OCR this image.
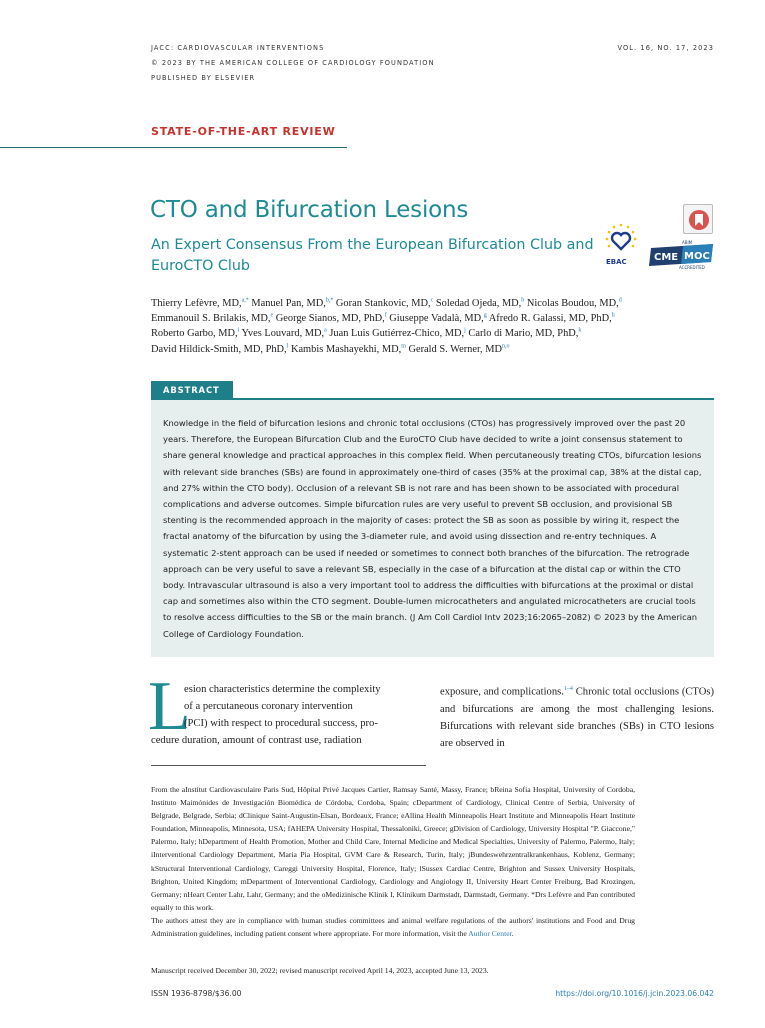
JACC: CARDIOVASCULAR INTERVENTIONS
© 2023 BY THE AMERICAN COLLEGE OF CARDIOLOGY FOUNDATION
PUBLISHED BY ELSEVIER
VOL. 16, NO. 17, 2023
STATE-OF-THE-ART REVIEW
CTO and Bifurcation Lesions
An Expert Consensus From the European Bifurcation Club and EuroCTO Club	EBAC	CME MOC
ABIM
ACCREDITED
Thierry Lefèvre, MD,$^{a,*}$ Manuel Pan, MD,$^{b,*}$ Goran Stankovic, MD,$^c$ Soledad Ojeda, MD,$^b$ Nicolas Boudou, MD,$^d$
Emmanouil S. Brilakis, MD,$^e$ George Sianos, MD, PhD,$^f$ Giuseppe Vadalà, MD,$^g$ Afredo R. Galassi, MD, PhD,$^h$
Roberto Garbo, MD,$^i$ Yves Louvard, MD,$^a$ Juan Luis Gutiérrez-Chico, MD,$^j$ Carlo di Mario, MD, PhD,$^k$
David Hildick-Smith, MD, PhD,$^l$ Kambis Mashayekhi, MD,$^m$ Gerald S. Werner, MD$^{n,o}$
ABSTRACT
Knowledge in the field of bifurcation lesions and chronic total occlusions (CTOs) has progressively improved over the past 20 years. Therefore, the European Bifurcation Club and the EuroCTO Club have decided to write a joint consensus statement to share general knowledge and practical approaches in this complex field. When percutaneously treating CTOs, bifurcation lesions with relevant side branches (SBs) are found in approximately one-third of cases (35% at the proximal cap, 38% at the distal cap, and 27% within the CTO body). Occlusion of a relevant SB is not rare and has been shown to be associated with procedural complications and adverse outcomes. Simple bifurcation rules are very useful to prevent SB occlusion, and provisional SB stenting is the recommended approach in the majority of cases: protect the SB as soon as possible by wiring it, respect the fractal anatomy of the bifurcation by using the 3-diameter rule, and avoid using dissection and re-entry techniques. A systematic 2-stent approach can be used if needed or sometimes to connect both branches of the bifurcation. The retrograde approach can be very useful to save a relevant SB, especially in the case of a bifurcation at the distal cap or within the CTO body. Intravascular ultrasound is also a very important tool to address the difficulties with bifurcations at the proximal or distal cap and sometimes also within the CTO segment. Double-lumen microcatheters and angulated microcatheters are crucial tools to resolve access difficulties to the SB or the main branch. (J Am Coll Cardiol Intv 2023;16:2065–2082) © 2023 by the American College of Cardiology Foundation.
L
esion characteristics determine the complexity
of a percutaneous coronary intervention
(PCI) with respect to procedural success, pro-
cedure duration, amount of contrast use, radiation
exposure, and complications.$^{1-4}$ Chronic total occlusions (CTOs) and bifurcations are among the most challenging lesions. Bifurcations with relevant side branches (SBs) in CTO lesions are observed in

From the aInstitut Cardiovasculaire Paris Sud, Hôpital Privé Jacques Cartier, Ramsay Santé, Massy, France; bReina Sofia Hospital, University of Cordoba, Instituto Maimónides de Investigación Biomédica de Córdoba, Cordoba, Spain; cDepartment of Cardiology, Clinical Centre of Serbia, University of Belgrade, Belgrade, Serbia; dClinique Saint-Augustin-Elsan, Bordeaux, France; eAllina Health Minneapolis Heart Institute and Minneapolis Heart Institute Foundation, Minneapolis, Minnesota, USA; fAHEPA University Hospital, Thessaloniki, Greece; gDivision of Cardiology, University Hospital "P. Giaccone," Palermo, Italy; hDepartment of Health Promotion, Mother and Child Care, Internal Medicine and Medical Specialties, University of Palermo, Palermo, Italy; iInterventional Cardiology Department, Maria Pia Hospital, GVM Care & Research, Turin, Italy; jBundeswehrzentralkrankenhaus, Koblenz, Germany; kStructural Interventional Cardiology, Careggi University Hospital, Florence, Italy; lSussex Cardiac Centre, Brighton and Sussex University Hospitals, Brighton, United Kingdom; mDepartment of Interventional Cardiology, Cardiology and Angiology II, University Heart Center Freiburg, Bad Krozingen, Germany; nHeart Center Lahr, Lahr, Germany; and the oMedizinische Klinik I, Klinikum Darmstadt, Darmstadt, Germany. *Drs Lefèvre and Pan contributed equally to this work.

The authors attest they are in compliance with human studies committees and animal welfare regulations of the authors' institutions and Food and Drug Administration guidelines, including patient consent where appropriate. For more information, visit the Author Center.

Manuscript received December 30, 2022; revised manuscript received April 14, 2023, accepted June 13, 2023.
ISSN 1936-8798/$36.00	https://doi.org/10.1016/j.jcin.2023.06.042
